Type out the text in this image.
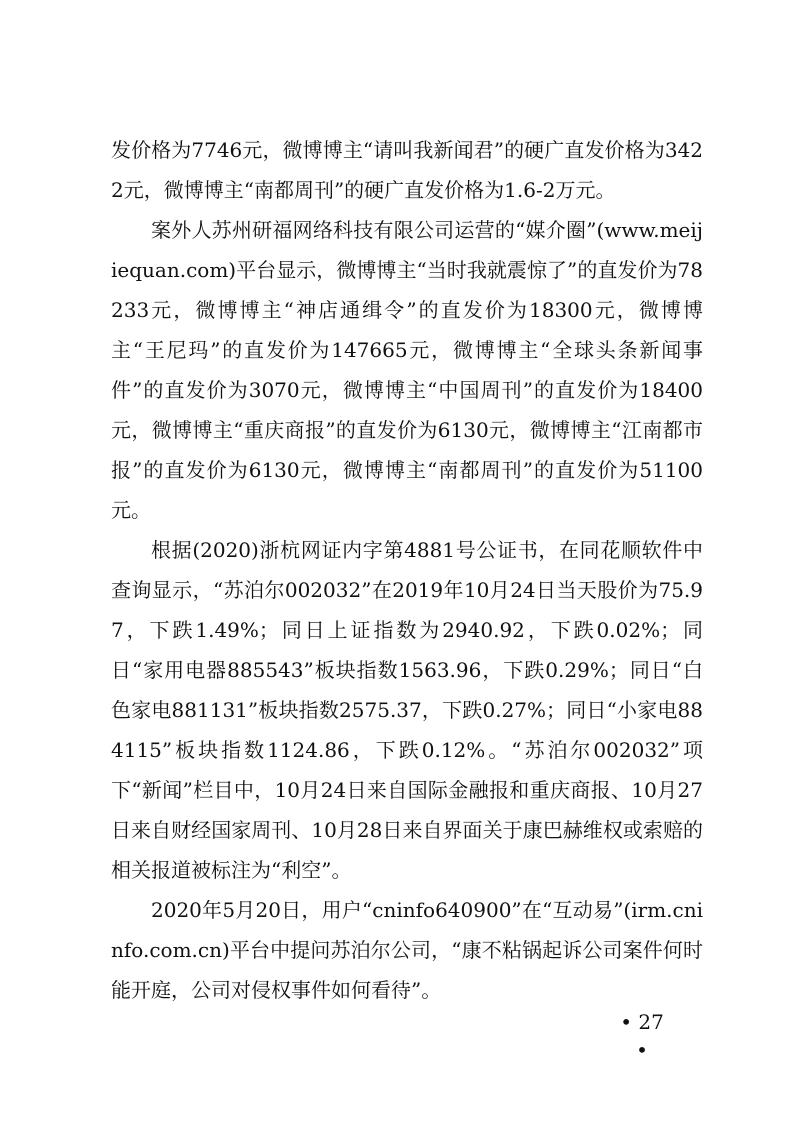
发价格为7746元，微博博主“请叫我新闻君”的硬广直发价格为3422元，微博博主“南都周刊”的硬广直发价格为1.6-2万元。

案外人苏州研福网络科技有限公司运营的“媒介圈”(www.meijiequan.com)平台显示，微博博主“当时我就震惊了”的直发价为78233元，微博博主“神店通缉令”的直发价为18300元，微博博主“王尼玛”的直发价为147665元，微博博主“全球头条新闻事件”的直发价为3070元，微博博主“中国周刊”的直发价为18400元，微博博主“重庆商报”的直发价为6130元，微博博主“江南都市报”的直发价为6130元，微博博主“南都周刊”的直发价为51100元。

根据(2020)浙杭网证内字第4881号公证书，在同花顺软件中查询显示，“苏泊尔002032”在2019年10月24日当天股价为75.97，下跌1.49%；同日上证指数为2940.92，下跌0.02%；同日“家用电器885543”板块指数1563.96，下跌0.29%；同日“白色家电881131”板块指数2575.37，下跌0.27%；同日“小家电884115”板块指数1124.86，下跌0.12%。“苏泊尔002032”项下“新闻”栏目中，10月24日来自国际金融报和重庆商报、10月27日来自财经国家周刊、10月28日来自界面关于康巴赫维权或索赔的相关报道被标注为“利空”。

2020年5月20日，用户“cninfo640900”在“互动易”(irm.cninfo.com.cn)平台中提问苏泊尔公司，“康不粘锅起诉公司案件何时能开庭，公司对侵权事件如何看待”。

• 27 •
